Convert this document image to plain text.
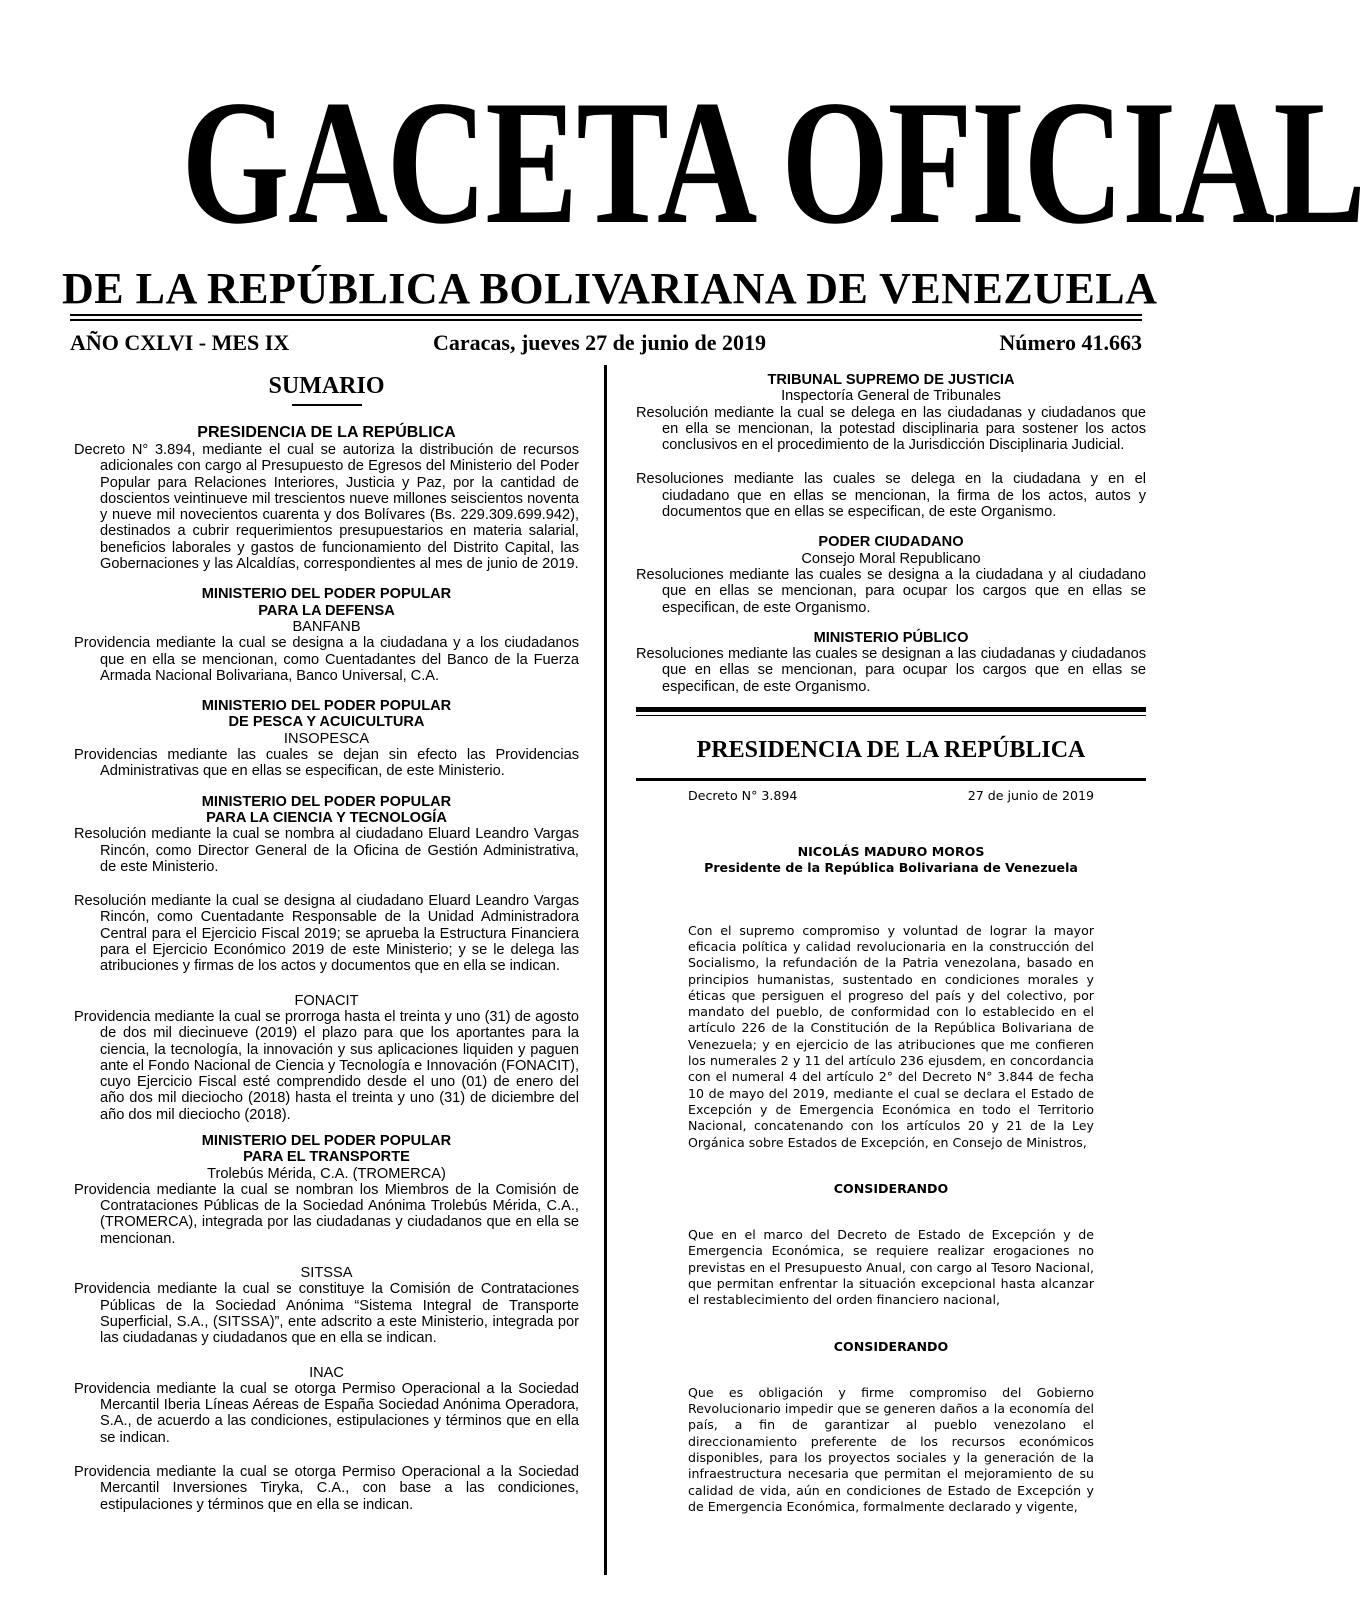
GACETA OFICIAL
DE LA REPÚBLICA BOLIVARIANA DE VENEZUELA
AÑO CXLVI - MES IX	Caracas, jueves 27 de junio de 2019	Número 41.663
SUMARIO
PRESIDENCIA DE LA REPÚBLICA

Decreto N° 3.894, mediante el cual se autoriza la distribución de recursos adicionales con cargo al Presupuesto de Egresos del Ministerio del Poder Popular para Relaciones Interiores, Justicia y Paz, por la cantidad de doscientos veintinueve mil trescientos nueve millones seiscientos noventa y nueve mil novecientos cuarenta y dos Bolívares (Bs. 229.309.699.942), destinados a cubrir requerimientos presupuestarios en materia salarial, beneficios laborales y gastos de funcionamiento del Distrito Capital, las Gobernaciones y las Alcaldías, correspondientes al mes de junio de 2019.

MINISTERIO DEL PODER POPULAR
PARA LA DEFENSA
BANFANB

Providencia mediante la cual se designa a la ciudadana y a los ciudadanos que en ella se mencionan, como Cuentadantes del Banco de la Fuerza Armada Nacional Bolivariana, Banco Universal, C.A.

MINISTERIO DEL PODER POPULAR
DE PESCA Y ACUICULTURA
INSOPESCA

Providencias mediante las cuales se dejan sin efecto las Providencias Administrativas que en ellas se especifican, de este Ministerio.

MINISTERIO DEL PODER POPULAR
PARA LA CIENCIA Y TECNOLOGÍA

Resolución mediante la cual se nombra al ciudadano Eluard Leandro Vargas Rincón, como Director General de la Oficina de Gestión Administrativa, de este Ministerio.

Resolución mediante la cual se designa al ciudadano Eluard Leandro Vargas Rincón, como Cuentadante Responsable de la Unidad Administradora Central para el Ejercicio Fiscal 2019; se aprueba la Estructura Financiera para el Ejercicio Económico 2019 de este Ministerio; y se le delega las atribuciones y firmas de los actos y documentos que en ella se indican.

FONACIT

Providencia mediante la cual se prorroga hasta el treinta y uno (31) de agosto de dos mil diecinueve (2019) el plazo para que los aportantes para la ciencia, la tecnología, la innovación y sus aplicaciones liquiden y paguen ante el Fondo Nacional de Ciencia y Tecnología e Innovación (FONACIT), cuyo Ejercicio Fiscal esté comprendido desde el uno (01) de enero del año dos mil dieciocho (2018) hasta el treinta y uno (31) de diciembre del año dos mil dieciocho (2018).

MINISTERIO DEL PODER POPULAR
PARA EL TRANSPORTE
Trolebús Mérida, C.A. (TROMERCA)

Providencia mediante la cual se nombran los Miembros de la Comisión de Contrataciones Públicas de la Sociedad Anónima Trolebús Mérida, C.A., (TROMERCA), integrada por las ciudadanas y ciudadanos que en ella se mencionan.

SITSSA

Providencia mediante la cual se constituye la Comisión de Contrataciones Públicas de la Sociedad Anónima “Sistema Integral de Transporte Superficial, S.A., (SITSSA)”, ente adscrito a este Ministerio, integrada por las ciudadanas y ciudadanos que en ella se indican.

INAC

Providencia mediante la cual se otorga Permiso Operacional a la Sociedad Mercantil Iberia Líneas Aéreas de España Sociedad Anónima Operadora, S.A., de acuerdo a las condiciones, estipulaciones y términos que en ella se indican.

Providencia mediante la cual se otorga Permiso Operacional a la Sociedad Mercantil Inversiones Tiryka, C.A., con base a las condiciones, estipulaciones y términos que en ella se indican.

TRIBUNAL SUPREMO DE JUSTICIA
Inspectoría General de Tribunales

Resolución mediante la cual se delega en las ciudadanas y ciudadanos que en ella se mencionan, la potestad disciplinaria para sostener los actos conclusivos en el procedimiento de la Jurisdicción Disciplinaria Judicial.

Resoluciones mediante las cuales se delega en la ciudadana y en el ciudadano que en ellas se mencionan, la firma de los actos, autos y documentos que en ellas se especifican, de este Organismo.

PODER CIUDADANO
Consejo Moral Republicano

Resoluciones mediante las cuales se designa a la ciudadana y al ciudadano que en ellas se mencionan, para ocupar los cargos que en ellas se especifican, de este Organismo.

MINISTERIO PÚBLICO

Resoluciones mediante las cuales se designan a las ciudadanas y ciudadanos que en ellas se mencionan, para ocupar los cargos que en ellas se especifican, de este Organismo.

PRESIDENCIA DE LA REPÚBLICA
Decreto N° 3.894	27 de junio de 2019
NICOLÁS MADURO MOROS
Presidente de la República Bolivariana de Venezuela
Con el supremo compromiso y voluntad de lograr la mayor eficacia política y calidad revolucionaria en la construcción del Socialismo, la refundación de la Patria venezolana, basado en principios humanistas, sustentado en condiciones morales y éticas que persiguen el progreso del país y del colectivo, por mandato del pueblo, de conformidad con lo establecido en el artículo 226 de la Constitución de la República Bolivariana de Venezuela; y en ejercicio de las atribuciones que me confieren los numerales 2 y 11 del artículo 236 ejusdem, en concordancia con el numeral 4 del artículo 2° del Decreto N° 3.844 de fecha 10 de mayo del 2019, mediante el cual se declara el Estado de Excepción y de Emergencia Económica en todo el Territorio Nacional, concatenando con los artículos 20 y 21 de la Ley Orgánica sobre Estados de Excepción, en Consejo de Ministros,
CONSIDERANDO
Que en el marco del Decreto de Estado de Excepción y de Emergencia Económica, se requiere realizar erogaciones no previstas en el Presupuesto Anual, con cargo al Tesoro Nacional, que permitan enfrentar la situación excepcional hasta alcanzar el restablecimiento del orden financiero nacional,
CONSIDERANDO
Que es obligación y firme compromiso del Gobierno Revolucionario impedir que se generen daños a la economía del país, a fin de garantizar al pueblo venezolano el direccionamiento preferente de los recursos económicos disponibles, para los proyectos sociales y la generación de la infraestructura necesaria que permitan el mejoramiento de su calidad de vida, aún en condiciones de Estado de Excepción y de Emergencia Económica, formalmente declarado y vigente,
